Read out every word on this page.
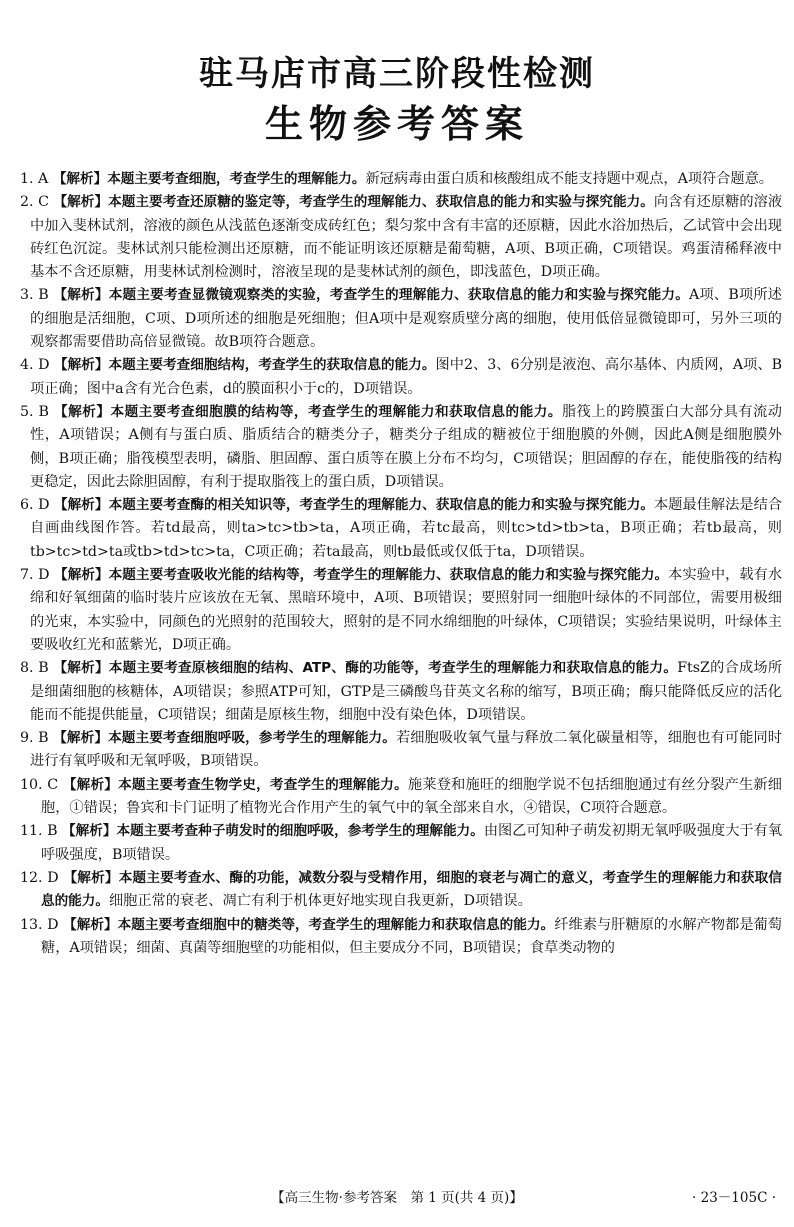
驻马店市高三阶段性检测
生物参考答案
1. A 【解析】本题主要考查细胞，考查学生的理解能力。新冠病毒由蛋白质和核酸组成不能支持题中观点，A项符合题意。
2. C 【解析】本题主要考查还原糖的鉴定等，考查学生的理解能力、获取信息的能力和实验与探究能力。向含有还原糖的溶液中加入斐林试剂，溶液的颜色从浅蓝色逐渐变成砖红色；梨匀浆中含有丰富的还原糖，因此水浴加热后，乙试管中会出现砖红色沉淀。斐林试剂只能检测出还原糖，而不能证明该还原糖是葡萄糖，A项、B项正确，C项错误。鸡蛋清稀释液中基本不含还原糖，用斐林试剂检测时，溶液呈现的是斐林试剂的颜色，即浅蓝色，D项正确。
3. B 【解析】本题主要考查显微镜观察类的实验，考查学生的理解能力、获取信息的能力和实验与探究能力。A项、B项所述的细胞是活细胞，C项、D项所述的细胞是死细胞；但A项中是观察质壁分离的细胞，使用低倍显微镜即可，另外三项的观察都需要借助高倍显微镜。故B项符合题意。
4. D 【解析】本题主要考查细胞结构，考查学生的获取信息的能力。图中2、3、6分别是液泡、高尔基体、内质网，A项、B项正确；图中a含有光合色素，d的膜面积小于c的，D项错误。
5. B 【解析】本题主要考查细胞膜的结构等，考查学生的理解能力和获取信息的能力。脂筏上的跨膜蛋白大部分具有流动性，A项错误；A侧有与蛋白质、脂质结合的糖类分子，糖类分子组成的糖被位于细胞膜的外侧，因此A侧是细胞膜外侧，B项正确；脂筏模型表明，磷脂、胆固醇、蛋白质等在膜上分布不均匀，C项错误；胆固醇的存在，能使脂筏的结构更稳定，因此去除胆固醇，有利于提取脂筏上的蛋白质，D项错误。
6. D 【解析】本题主要考查酶的相关知识等，考查学生的理解能力、获取信息的能力和实验与探究能力。本题最佳解法是结合自画曲线图作答。若td最高，则ta>tc>tb>ta，A项正确，若tc最高，则tc>td>tb>ta，B项正确；若tb最高，则tb>tc>td>ta或tb>td>tc>ta，C项正确；若ta最高，则tb最低或仅低于ta，D项错误。
7. D 【解析】本题主要考查吸收光能的结构等，考查学生的理解能力、获取信息的能力和实验与探究能力。本实验中，载有水绵和好氧细菌的临时装片应该放在无氧、黑暗环境中，A项、B项错误；要照射同一细胞叶绿体的不同部位，需要用极细的光束，本实验中，同颜色的光照射的范围较大，照射的是不同水绵细胞的叶绿体，C项错误；实验结果说明，叶绿体主要吸收红光和蓝紫光，D项正确。
8. B 【解析】本题主要考查原核细胞的结构、ATP、酶的功能等，考查学生的理解能力和获取信息的能力。FtsZ的合成场所是细菌细胞的核糖体，A项错误；参照ATP可知，GTP是三磷酸鸟苷英文名称的缩写，B项正确；酶只能降低反应的活化能而不能提供能量，C项错误；细菌是原核生物，细胞中没有染色体，D项错误。
9. B 【解析】本题主要考查细胞呼吸，参考学生的理解能力。若细胞吸收氧气量与释放二氧化碳量相等，细胞也有可能同时进行有氧呼吸和无氧呼吸，B项错误。
10. C 【解析】本题主要考查生物学史，考查学生的理解能力。施莱登和施旺的细胞学说不包括细胞通过有丝分裂产生新细胞，①错误；鲁宾和卡门证明了植物光合作用产生的氧气中的氧全部来自水，④错误，C项符合题意。
11. B 【解析】本题主要考查种子萌发时的细胞呼吸，参考学生的理解能力。由图乙可知种子萌发初期无氧呼吸强度大于有氧呼吸强度，B项错误。
12. D 【解析】本题主要考查水、酶的功能，减数分裂与受精作用，细胞的衰老与凋亡的意义，考查学生的理解能力和获取信息的能力。细胞正常的衰老、凋亡有利于机体更好地实现自我更新，D项错误。
13. D 【解析】本题主要考查细胞中的糖类等，考查学生的理解能力和获取信息的能力。纤维素与肝糖原的水解产物都是葡萄糖，A项错误；细菌、真菌等细胞壁的功能相似，但主要成分不同，B项错误；食草类动物的
【高三生物·参考答案　第 1 页(共 4 页)】	· 23－105C ·
